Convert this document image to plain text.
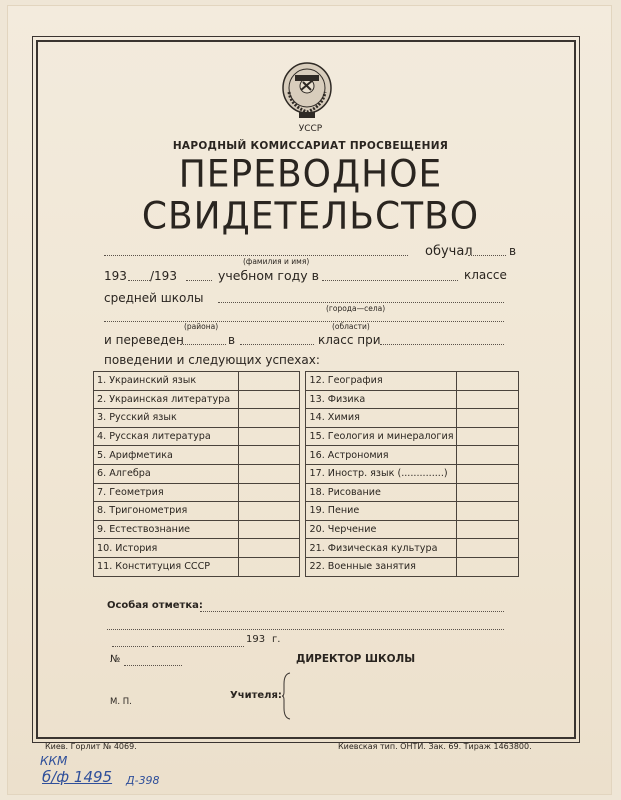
УССР
НАРОДНЫЙ КОМИССАРИАТ ПРОСВЕЩЕНИЯ
ПЕРЕВОДНОЕ
СВИДЕТЕЛЬСТВО
обучал	в
(фамилия и имя)
193 /193	учебном году в	классе
средней школы
(города—села)
(района)	(области)
и переведен	в	класс при
поведении и следующих успехах:
1. Украинский язык			12. География	
2. Украинская литература			13. Физика	
3. Русский язык			14. Химия	
4. Русская литература			15. Геология и минералогия	
5. Арифметика			16. Астрономия	
6. Алгебра			17. Иностр. язык (..............)	
7. Геометрия			18. Рисование	
8. Тригонометрия			19. Пение	
9. Естествознание			20. Черчение	
10. История			21. Физическая культура	
11. Конституция СССР			22. Военные занятия	
Особая отметка:
193 г.
№	ДИРЕКТОР ШКОЛЫ
М. П.
Учителя:
Киев. Горлит № 4069.	Киевская тип. ОНТИ. Зак. 69. Тираж 1463800.
ККМ
б/ф 1495 Д-398
